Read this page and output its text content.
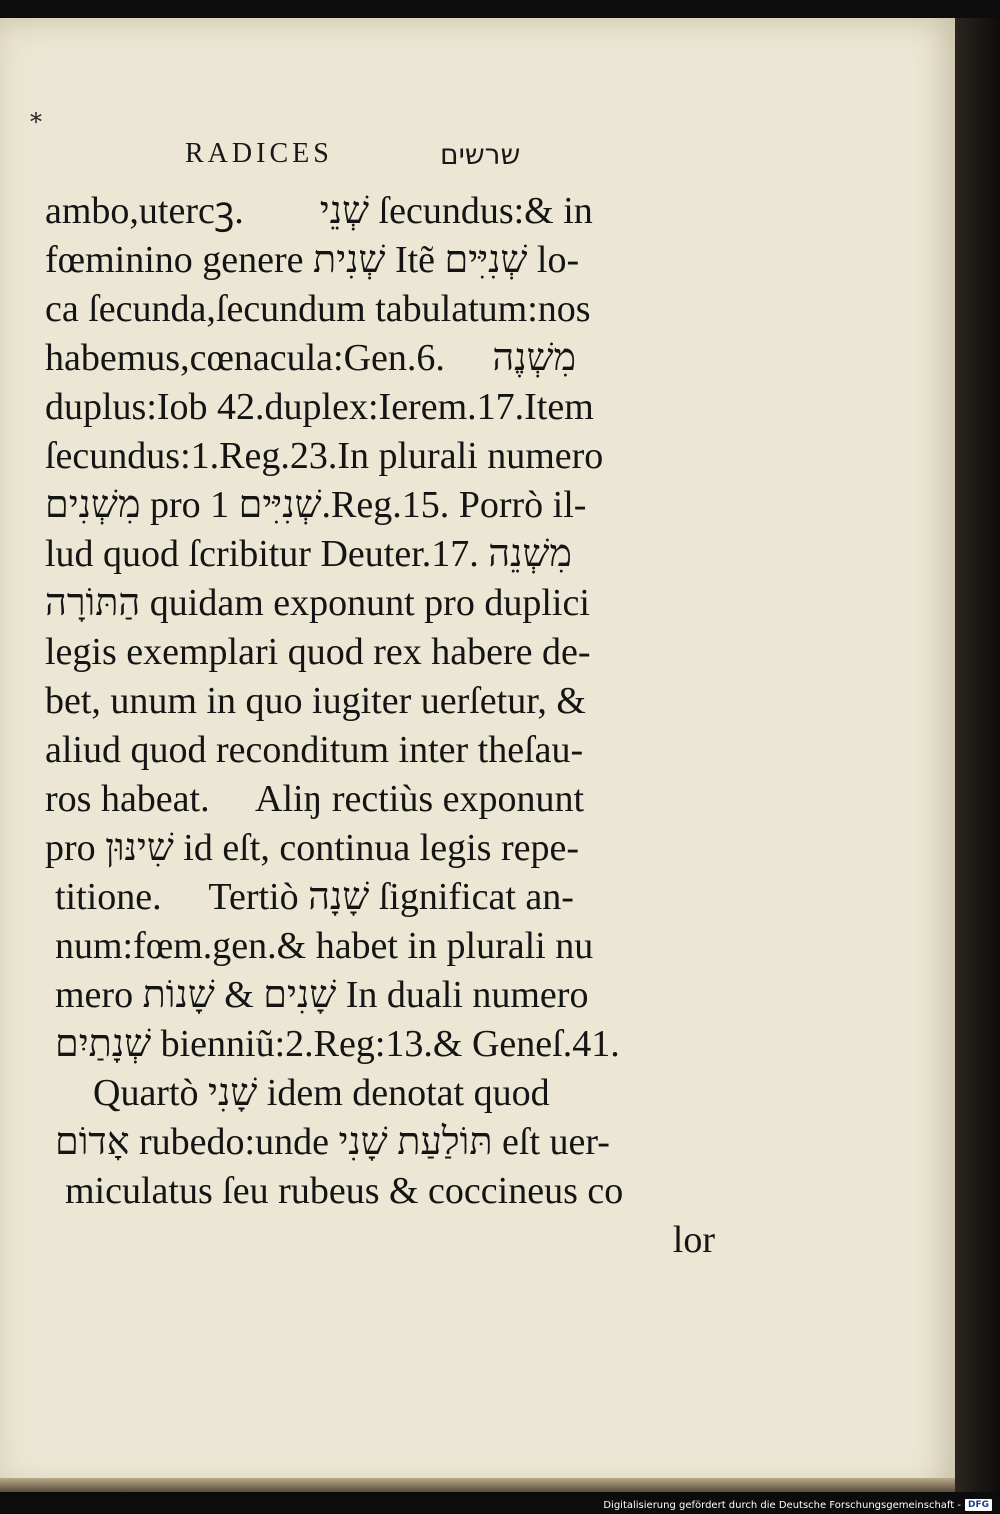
*
RADICES	שרשים
ambo,utercꝫ.        שְׁנֵי ſecundus:& in
fœminino genere שְׁנִית Itẽ שְׁנִיִּים lo-
ca ſecunda,ſecundum tabulatum:nos
habemus,cœnacula:Gen.6.     מִשְׁנֶה
duplus:Iob 42.duplex:Ierem.17.Item
ſecundus:1.Reg.23.In plurali numero
מִשְׁנִים pro שְׁנִיִּים 1.Reg.15. Porrò il-
lud quod ſcribitur Deuter.17. מִשְׁנֵה
הַתּוֹרָה quidam exponunt pro duplici
legis exemplari quod rex habere de-
bet, unum in quo iugiter uerſetur, &
aliud quod reconditum inter theſau-
ros habeat.     Aliŋ rectiùs exponunt
pro שִׁינּוּן id eſt, continua legis repe-
titione.     Tertiò שָׁנָה ſignificat an-
num:fœm.gen.& habet in plurali nu
mero שָׁנִים & שָׁנוֹת In duali numero
שְׁנָתַיִם bienniũ:2.Reg:13.& Geneſ.41.
Quartò שָׁנִי idem denotat quod
אָדוֹם rubedo:unde תּוֹלַעַת שָׁנִי eſt uer-
miculatus ſeu rubeus & coccineus co
lor
Digitalisierung gefördert durch die Deutsche Forschungsgemeinschaft - DFG
